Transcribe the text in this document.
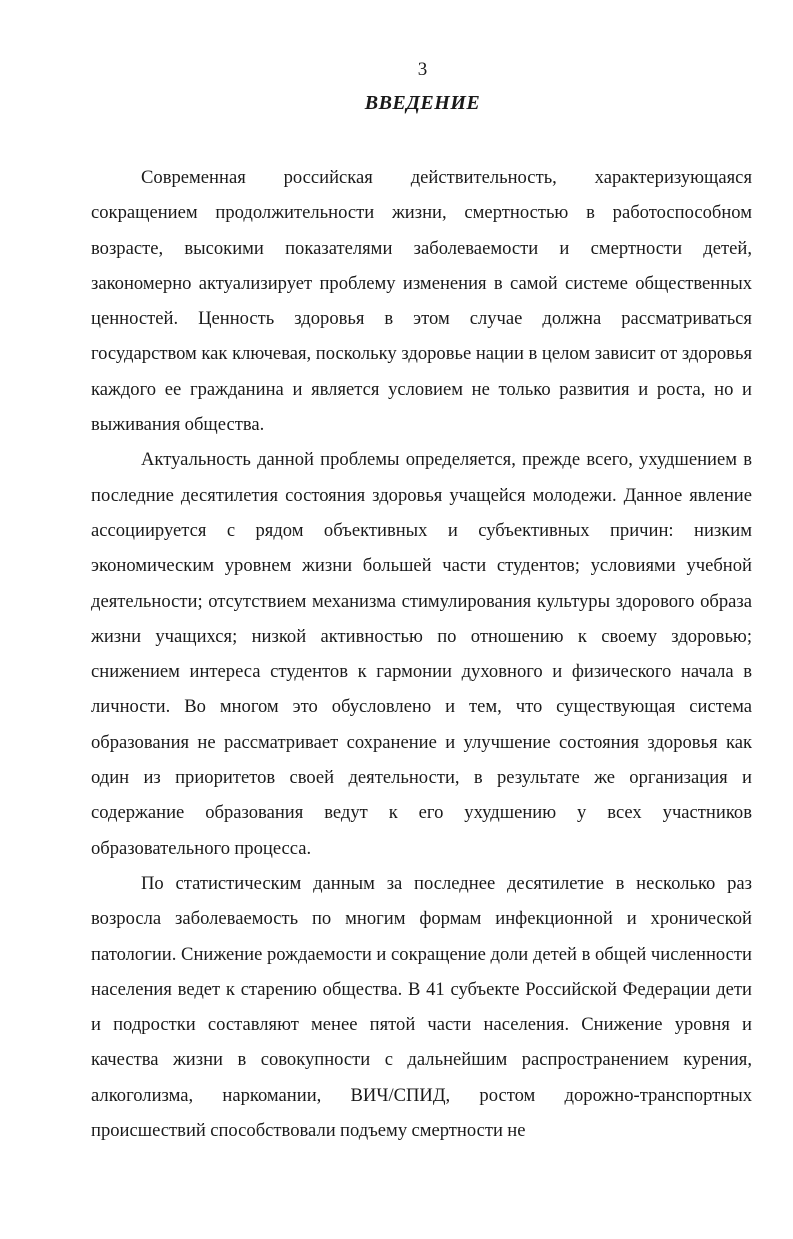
3
ВВЕДЕНИЕ

Современная российская действительность, характеризующаяся сокращением продолжительности жизни, смертностью в работоспособном возрасте, высокими показателями заболеваемости и смертности детей, закономерно актуализирует проблему изменения в самой системе общественных ценностей. Ценность здоровья в этом случае должна рассматриваться государством как ключевая, поскольку здоровье нации в целом зависит от здоровья каждого ее гражданина и является условием не только развития и роста, но и выживания общества.

Актуальность данной проблемы определяется, прежде всего, ухудшением в последние десятилетия состояния здоровья учащейся молодежи. Данное явление ассоциируется с рядом объективных и субъективных причин: низким экономическим уровнем жизни большей части студентов; условиями учебной деятельности; отсутствием механизма стимулирования культуры здорового образа жизни учащихся; низкой активностью по отношению к своему здоровью; снижением интереса студентов к гармонии духовного и физического начала в личности. Во многом это обусловлено и тем, что существующая система образования не рассматривает сохранение и улучшение состояния здоровья как один из приоритетов своей деятельности, в результате же организация и содержание образования ведут к его ухудшению у всех участников образовательного процесса.

По статистическим данным за последнее десятилетие в несколько раз возросла заболеваемость по многим формам инфекционной и хронической патологии. Снижение рождаемости и сокращение доли детей в общей численности населения ведет к старению общества. В 41 субъекте Российской Федерации дети и подростки составляют менее пятой части населения. Снижение уровня и качества жизни в совокупности с дальнейшим распространением курения, алкоголизма, наркомании, ВИЧ/СПИД, ростом дорожно-транспортных происшествий способствовали подъему смертности не
